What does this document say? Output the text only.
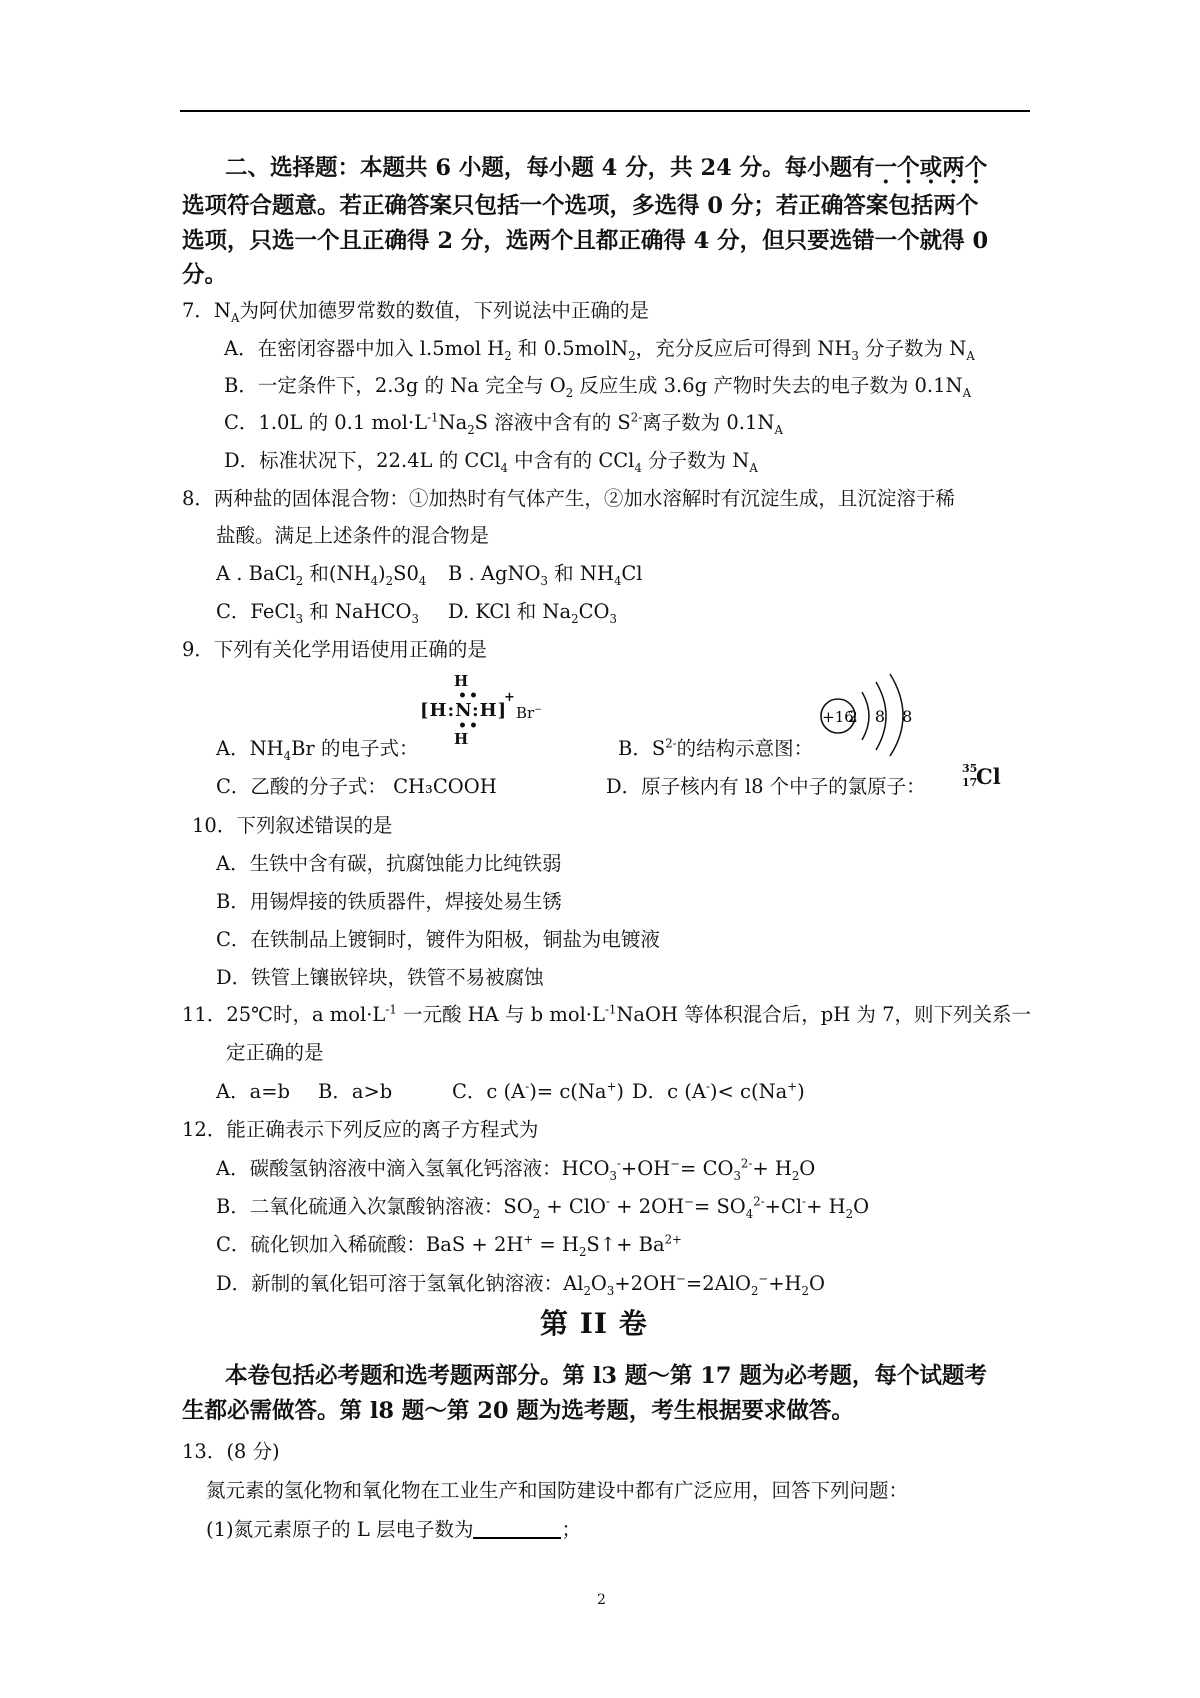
二、选择题：本题共 6 小题，每小题 4 分，共 24 分。每小题有一个或两个
选项符合题意。若正确答案只包括一个选项，多选得 0 分；若正确答案包括两个
选项，只选一个且正确得 2 分，选两个且都正确得 4 分，但只要选错一个就得 0
分。
7．$N_A$为阿伏加德罗常数的数值，下列说法中正确的是
A．在密闭容器中加入 l.5mol $H_2$ 和 0.5molN$_2$，充分反应后可得到 $NH_3$ 分子数为 $N_A$
B．一定条件下，2.3g 的 Na 完全与 $O_2$ 反应生成 3.6g 产物时失去的电子数为 $0.1N_A$
C．1.0L 的 0.1 $mol\cdot L^{-1}Na_2S$ 溶液中含有的 $S^{2-}$离子数为 $0.1N_A$
D．标准状况下，22.4L 的 CCl$_4$ 中含有的 CCl$_4$ 分子数为 $N_A$
8．两种盐的固体混合物：①加热时有气体产生，②加水溶解时有沉淀生成，且沉淀溶于稀
盐酸。满足上述条件的混合物是
A . BaCl$_2$ 和$(NH_4)_2S0_4$ B . AgNO$_3$ 和 $NH_4Cl$
C．FeCl$_3$ 和 NaHCO$_3$ D. KCl 和 $Na_2CO_3$
9．下列有关化学用语使用正确的是
A．$NH_4Br$ 的电子式：
H
••
[H:N:H]
••
H
+
Br−
B．$S^{2-}$的结构示意图：
+16
2 8 8
C．乙酸的分子式： CH₃COOH	D．原子核内有 l8 个中子的氯原子：
35
17
Cl
10．下列叙述错误的是
A．生铁中含有碳，抗腐蚀能力比纯铁弱
B．用锡焊接的铁质器件，焊接处易生锈
C．在铁制品上镀铜时，镀件为阳极，铜盐为电镀液
D．铁管上镶嵌锌块，铁管不易被腐蚀
11．25℃时，a $mol\cdot L^{-1}$ 一元酸 HA 与 b $mol\cdot L^{-1}NaOH$ 等体积混合后，pH 为 7，则下列关系一
定正确的是
A．a=b B．a>b	C．c (A-)= c(Na+) D．c (A-)< c(Na+)
12．能正确表示下列反应的离子方程式为
A．碳酸氢钠溶液中滴入氢氧化钙溶液：$HCO_3^-+OH^-= CO_3^{2-}+ H_2O$
B．二氧化硫通入次氯酸钠溶液：$SO_2 + ClO^- + 2OH^-= SO_4^{2-}+Cl^-+ H_2O$
C．硫化钡加入稀硫酸：BaS + $2H^+ = H_2S↑+ Ba^{2+}$
D．新制的氧化铝可溶于氢氧化钠溶液：$Al_2O_3+2OH^-=2AlO_2^-+H_2O$
第 II 卷
本卷包括必考题和选考题两部分。第 l3 题～第 17 题为必考题，每个试题考
生都必需做答。第 l8 题～第 20 题为选考题，考生根据要求做答。
13．(8 分)
氮元素的氢化物和氧化物在工业生产和国防建设中都有广泛应用，回答下列问题：
(1)氮元素原子的 L 层电子数为	；
2
